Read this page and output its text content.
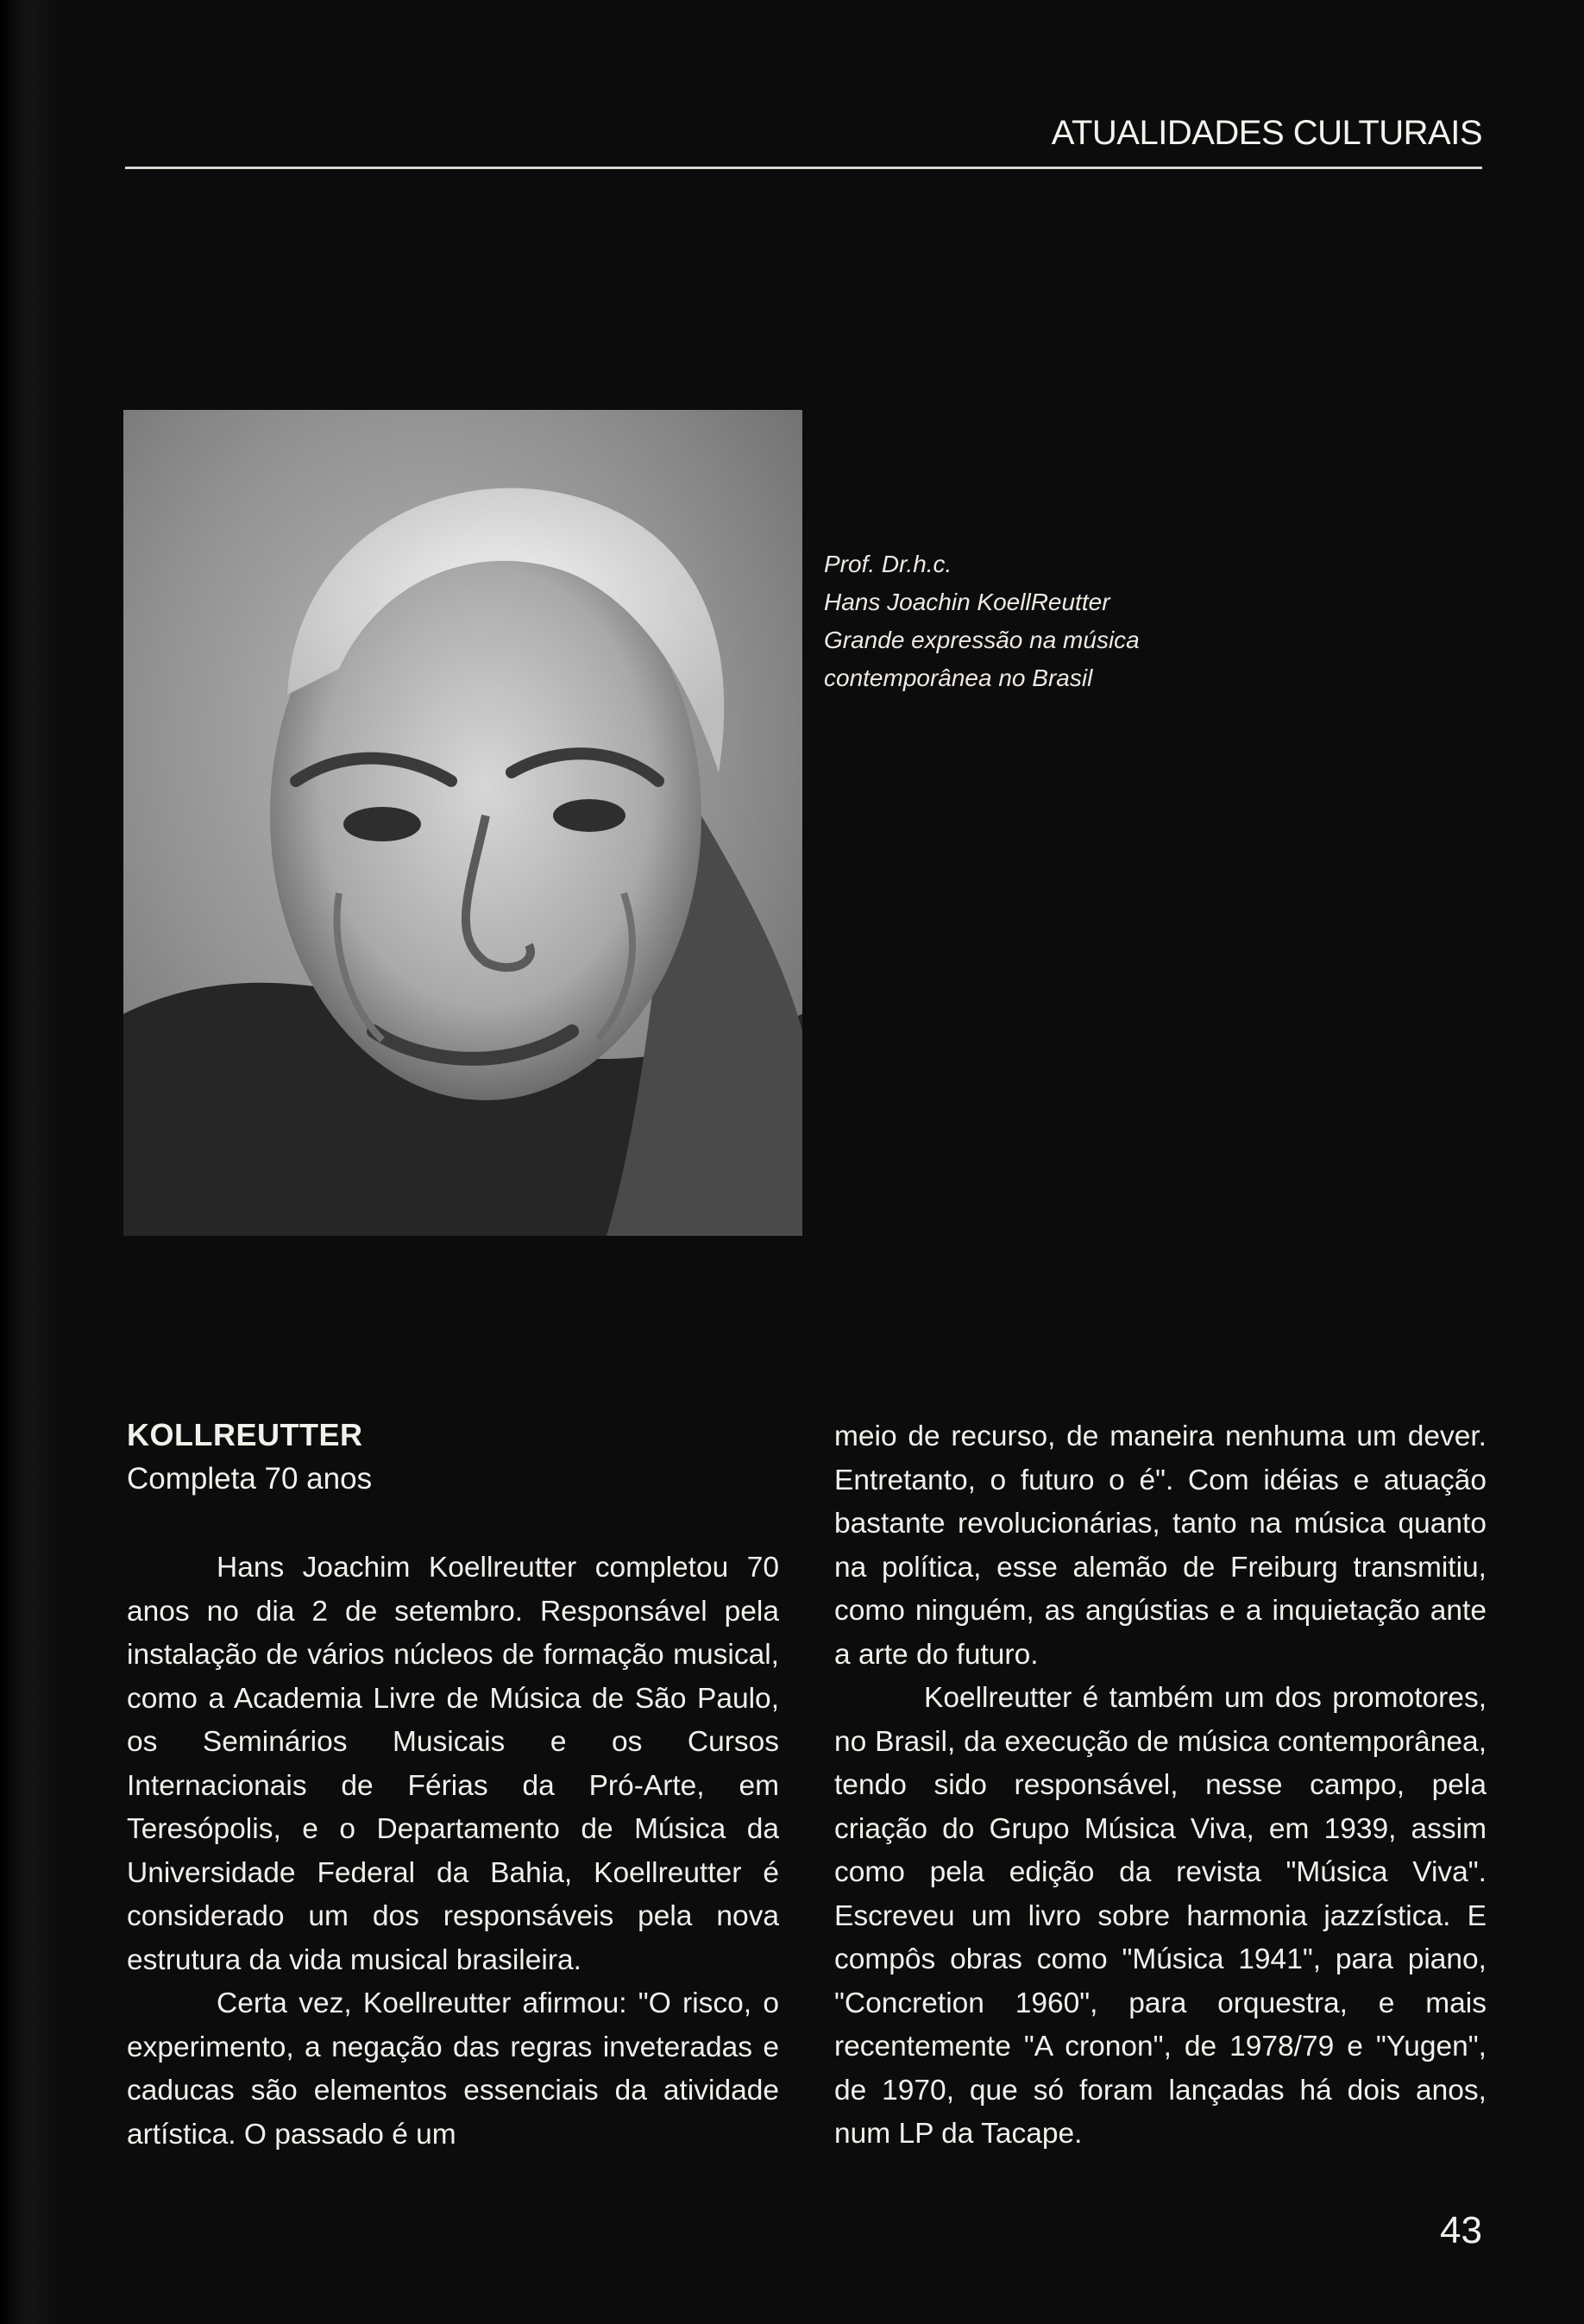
ATUALIDADES CULTURAIS
Prof. Dr.h.c.
Hans Joachin KoellReutter
Grande expressão na música
contemporânea no Brasil
KOLLREUTTER
Completa 70 anos

Hans Joachim Koellreutter completou 70 anos no dia 2 de setembro. Responsável pela instalação de vários núcleos de formação musical, como a Academia Livre de Música de São Paulo, os Seminários Musicais e os Cursos Internacionais de Férias da Pró-Arte, em Teresópolis, e o Departamento de Música da Universidade Federal da Bahia, Koellreutter é considerado um dos responsáveis pela nova estrutura da vida musical brasileira.

Certa vez, Koellreutter afirmou: "O risco, o experimento, a negação das regras inveteradas e caducas são elementos essenciais da atividade artística. O passado é um

meio de recurso, de maneira nenhuma um dever. Entretanto, o futuro o é". Com idéias e atuação bastante revolucionárias, tanto na música quanto na política, esse alemão de Freiburg transmitiu, como ninguém, as angústias e a inquietação ante a arte do futuro.

Koellreutter é também um dos promotores, no Brasil, da execução de música contemporânea, tendo sido responsável, nesse campo, pela criação do Grupo Música Viva, em 1939, assim como pela edição da revista "Música Viva". Escreveu um livro sobre harmonia jazzística. E compôs obras como "Música 1941", para piano, "Concretion 1960", para orquestra, e mais recentemente "A cronon", de 1978/79 e "Yugen", de 1970, que só foram lançadas há dois anos, num LP da Tacape.

43
